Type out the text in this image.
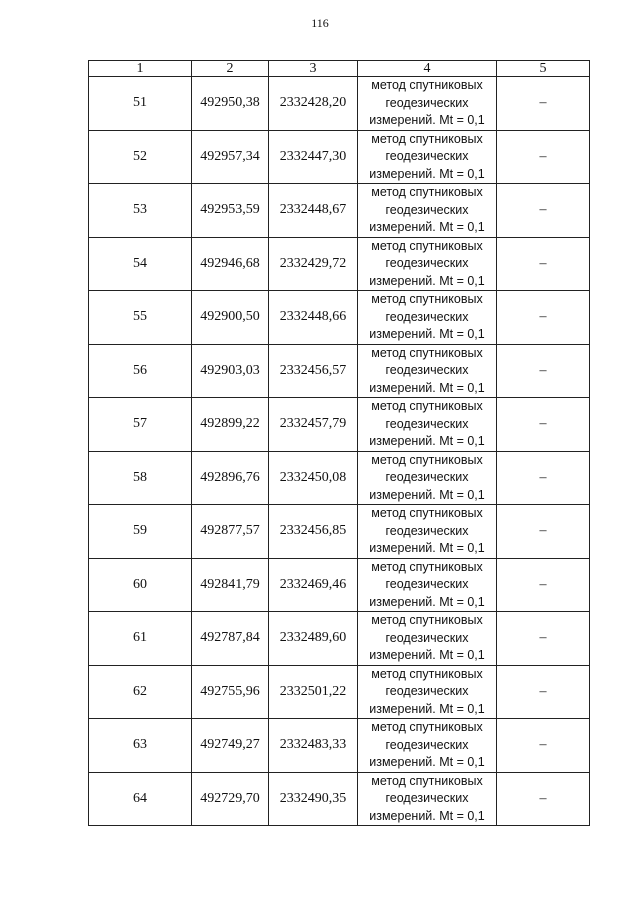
116
1	2	3	4	5
51	492950,38	2332428,20	метод спутниковых
геодезических
измерений. Mt = 0,1	–
52	492957,34	2332447,30	метод спутниковых
геодезических
измерений. Mt = 0,1	–
53	492953,59	2332448,67	метод спутниковых
геодезических
измерений. Mt = 0,1	–
54	492946,68	2332429,72	метод спутниковых
геодезических
измерений. Mt = 0,1	–
55	492900,50	2332448,66	метод спутниковых
геодезических
измерений. Mt = 0,1	–
56	492903,03	2332456,57	метод спутниковых
геодезических
измерений. Mt = 0,1	–
57	492899,22	2332457,79	метод спутниковых
геодезических
измерений. Mt = 0,1	–
58	492896,76	2332450,08	метод спутниковых
геодезических
измерений. Mt = 0,1	–
59	492877,57	2332456,85	метод спутниковых
геодезических
измерений. Mt = 0,1	–
60	492841,79	2332469,46	метод спутниковых
геодезических
измерений. Mt = 0,1	–
61	492787,84	2332489,60	метод спутниковых
геодезических
измерений. Mt = 0,1	–
62	492755,96	2332501,22	метод спутниковых
геодезических
измерений. Mt = 0,1	–
63	492749,27	2332483,33	метод спутниковых
геодезических
измерений. Mt = 0,1	–
64	492729,70	2332490,35	метод спутниковых
геодезических
измерений. Mt = 0,1	–
